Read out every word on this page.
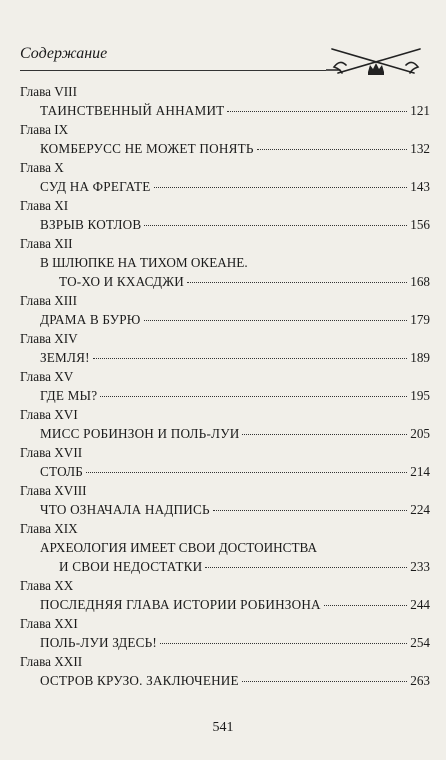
Содержание
Глава VIII
ТАИНСТВЕННЫЙ АННАМИТ	121
Глава IX
КОМБЕРУСС НЕ МОЖЕТ ПОНЯТЬ	132
Глава X
СУД НА ФРЕГАТЕ	143
Глава XI
ВЗРЫВ КОТЛОВ	156
Глава XII
В ШЛЮПКЕ НА ТИХОМ ОКЕАНЕ.
ТО-ХО И КХАСДЖИ	168
Глава XIII
ДРАМА В БУРЮ	179
Глава XIV
ЗЕМЛЯ!	189
Глава XV
ГДЕ МЫ?	195
Глава XVI
МИСС РОБИНЗОН И ПОЛЬ-ЛУИ	205
Глава XVII
СТОЛБ	214
Глава XVIII
ЧТО ОЗНАЧАЛА НАДПИСЬ	224
Глава XIX
АРХЕОЛОГИЯ ИМЕЕТ СВОИ ДОСТОИНСТВА
И СВОИ НЕДОСТАТКИ	233
Глава XX
ПОСЛЕДНЯЯ ГЛАВА ИСТОРИИ РОБИНЗОНА	244
Глава XXI
ПОЛЬ-ЛУИ ЗДЕСЬ!	254
Глава XXII
ОСТРОВ КРУЗО. ЗАКЛЮЧЕНИЕ	263
541
